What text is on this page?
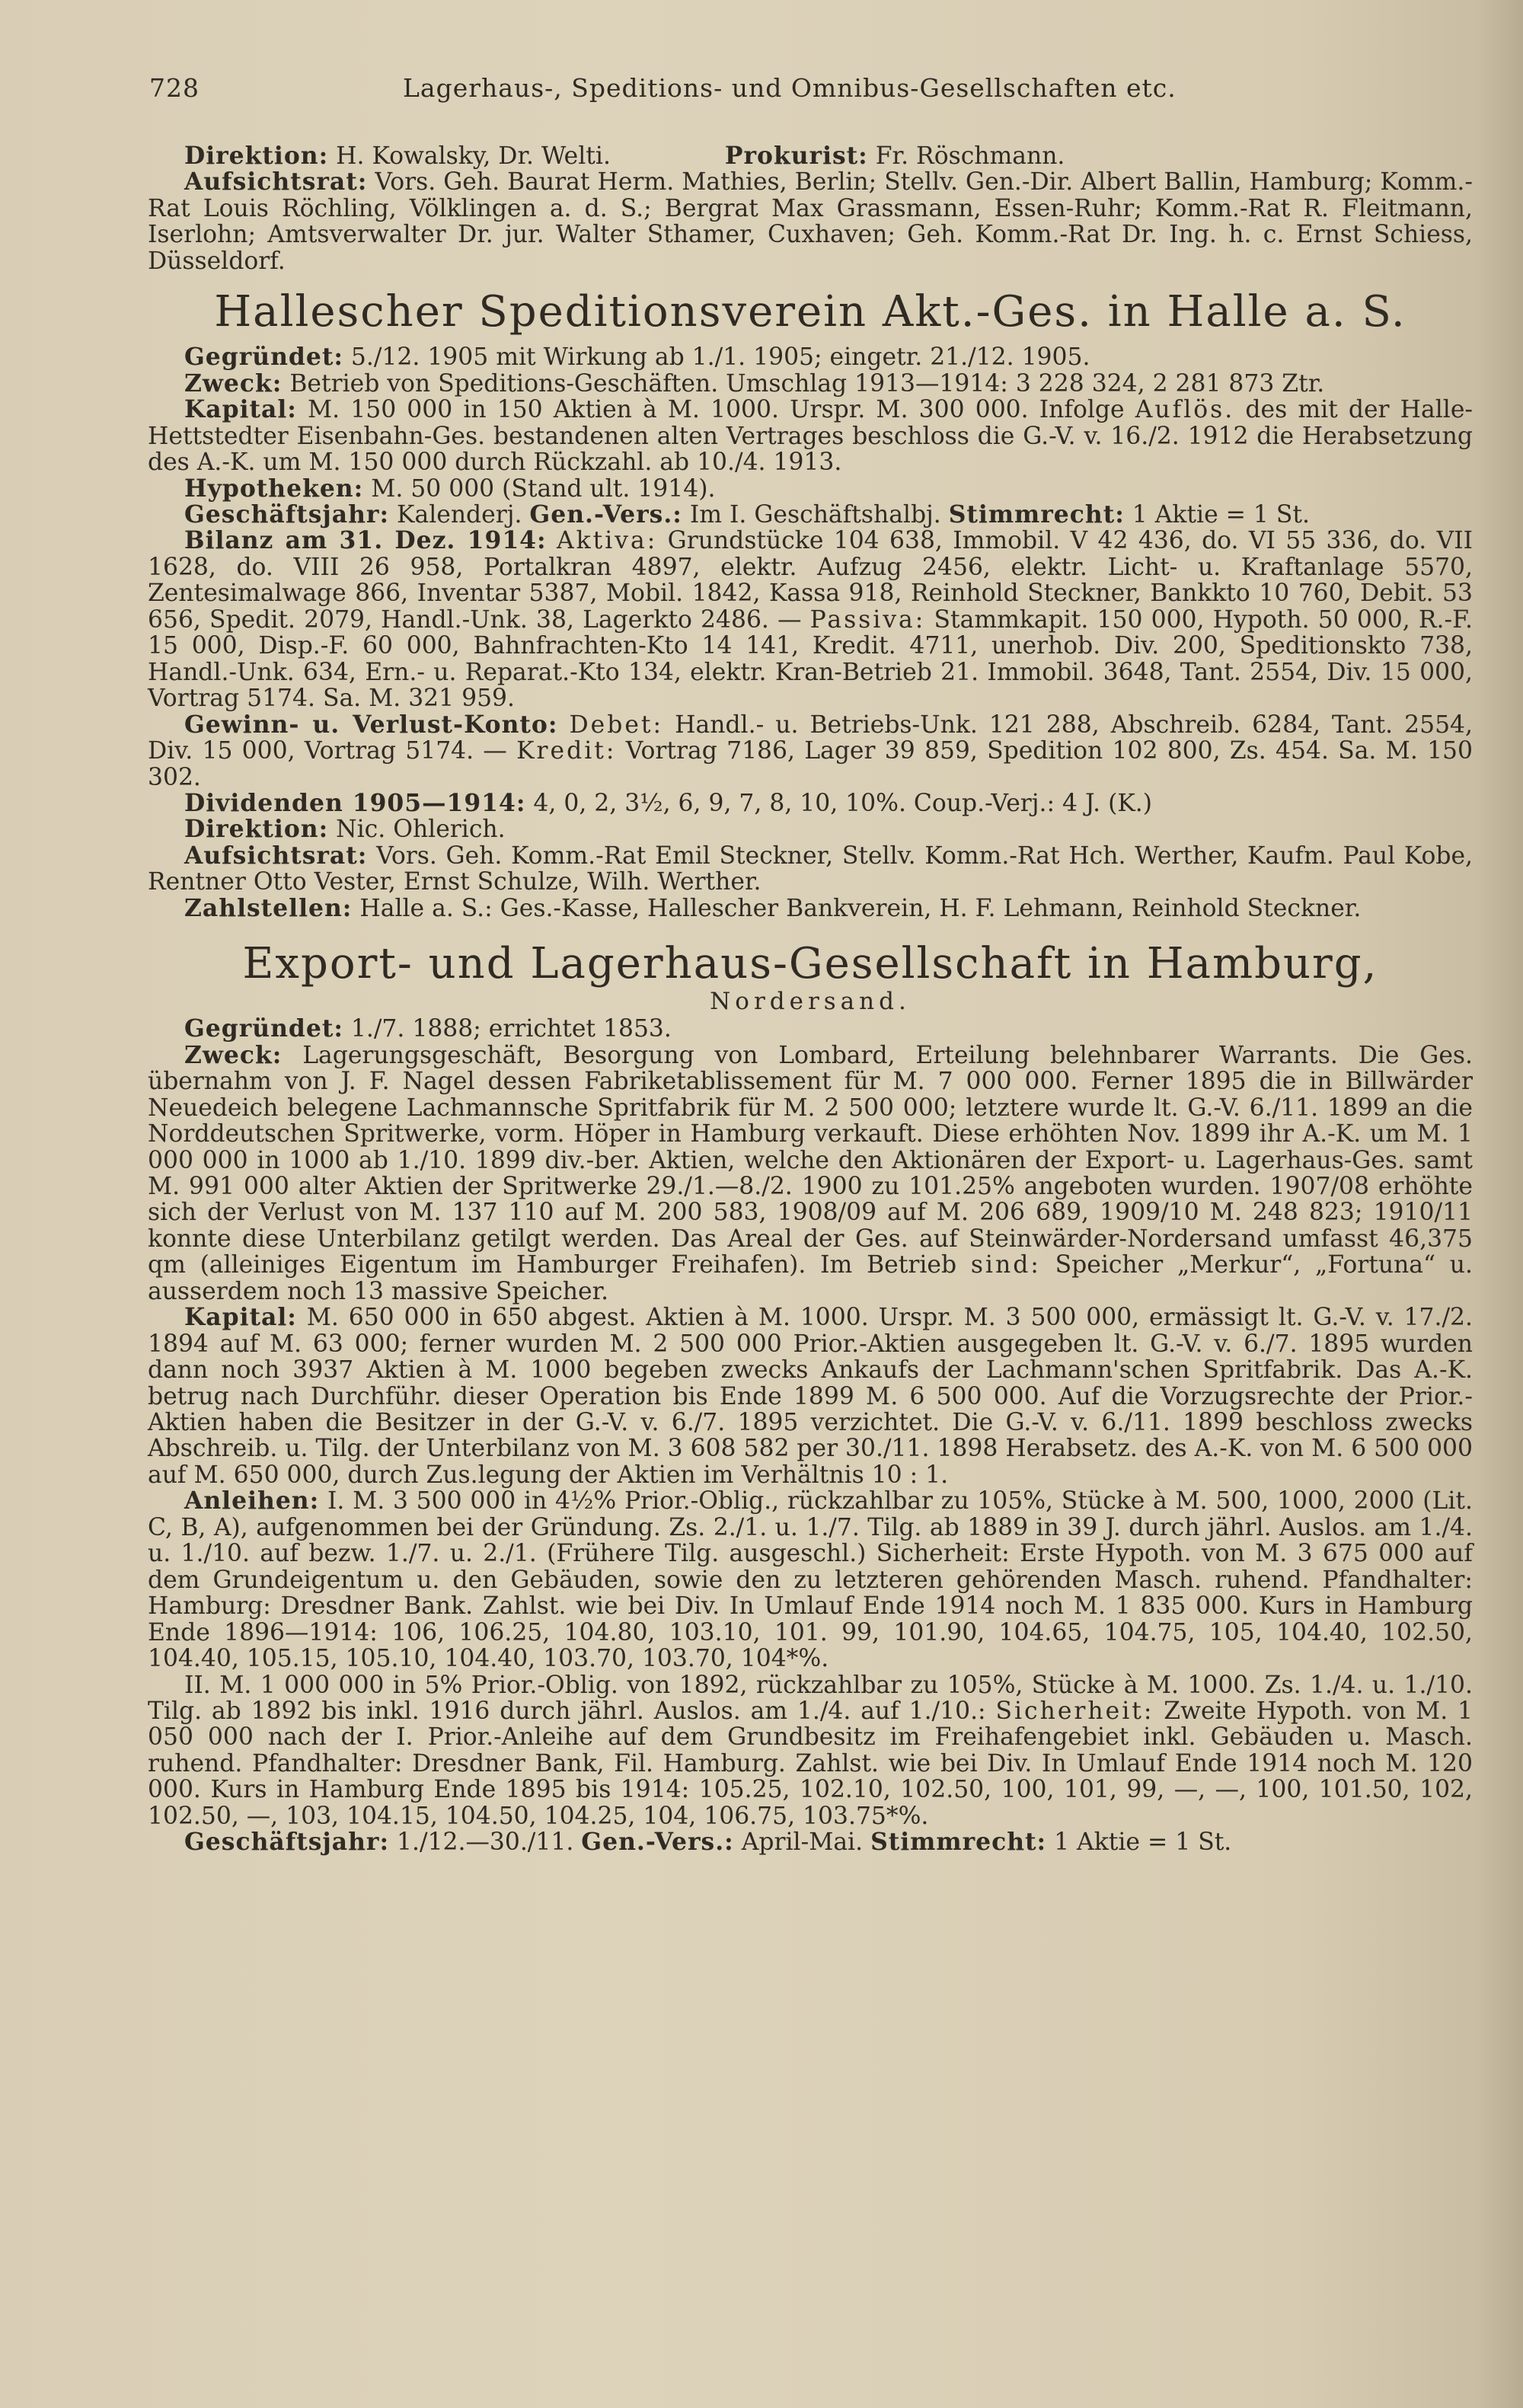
728	Lagerhaus-, Speditions- und Omnibus-Gesellschaften etc.

Direktion: H. Kowalsky, Dr. Welti.	Prokurist: Fr. Röschmann.

Aufsichtsrat: Vors. Geh. Baurat Herm. Mathies, Berlin; Stellv. Gen.-Dir. Albert Ballin, Hamburg; Komm.-Rat Louis Röchling, Völklingen a. d. S.; Bergrat Max Grassmann, Essen-Ruhr; Komm.-Rat R. Fleitmann, Iserlohn; Amtsverwalter Dr. jur. Walter Sthamer, Cuxhaven; Geh. Komm.-Rat Dr. Ing. h. c. Ernst Schiess, Düsseldorf.

Hallescher Speditionsverein Akt.-Ges. in Halle a. S.

Gegründet: 5./12. 1905 mit Wirkung ab 1./1. 1905; eingetr. 21./12. 1905.

Zweck: Betrieb von Speditions-Geschäften. Umschlag 1913—1914: 3 228 324, 2 281 873 Ztr.

Kapital: M. 150 000 in 150 Aktien à M. 1000. Urspr. M. 300 000. Infolge Auflös. des mit der Halle-Hettstedter Eisenbahn-Ges. bestandenen alten Vertrages beschloss die G.-V. v. 16./2. 1912 die Herabsetzung des A.-K. um M. 150 000 durch Rückzahl. ab 10./4. 1913.

Hypotheken: M. 50 000 (Stand ult. 1914).

Geschäftsjahr: Kalenderj. Gen.-Vers.: Im I. Geschäftshalbj. Stimmrecht: 1 Aktie = 1 St.

Bilanz am 31. Dez. 1914: Aktiva: Grundstücke 104 638, Immobil. V 42 436, do. VI 55 336, do. VII 1628, do. VIII 26 958, Portalkran 4897, elektr. Aufzug 2456, elektr. Licht- u. Kraftanlage 5570, Zentesimalwage 866, Inventar 5387, Mobil. 1842, Kassa 918, Reinhold Steckner, Bankkto 10 760, Debit. 53 656, Spedit. 2079, Handl.-Unk. 38, Lagerkto 2486. — Passiva: Stammkapit. 150 000, Hypoth. 50 000, R.-F. 15 000, Disp.-F. 60 000, Bahnfrachten-Kto 14 141, Kredit. 4711, unerhob. Div. 200, Speditionskto 738, Handl.-Unk. 634, Ern.- u. Reparat.-Kto 134, elektr. Kran-Betrieb 21. Immobil. 3648, Tant. 2554, Div. 15 000, Vortrag 5174. Sa. M. 321 959.

Gewinn- u. Verlust-Konto: Debet: Handl.- u. Betriebs-Unk. 121 288, Abschreib. 6284, Tant. 2554, Div. 15 000, Vortrag 5174. — Kredit: Vortrag 7186, Lager 39 859, Spedition 102 800, Zs. 454. Sa. M. 150 302.

Dividenden 1905—1914: 4, 0, 2, 3½, 6, 9, 7, 8, 10, 10%. Coup.-Verj.: 4 J. (K.)

Direktion: Nic. Ohlerich.

Aufsichtsrat: Vors. Geh. Komm.-Rat Emil Steckner, Stellv. Komm.-Rat Hch. Werther, Kaufm. Paul Kobe, Rentner Otto Vester, Ernst Schulze, Wilh. Werther.

Zahlstellen: Halle a. S.: Ges.-Kasse, Hallescher Bankverein, H. F. Lehmann, Reinhold Steckner.

Export- und Lagerhaus-Gesellschaft in Hamburg,
Nordersand.

Gegründet: 1./7. 1888; errichtet 1853.

Zweck: Lagerungsgeschäft, Besorgung von Lombard, Erteilung belehnbarer Warrants. Die Ges. übernahm von J. F. Nagel dessen Fabriketablissement für M. 7 000 000. Ferner 1895 die in Billwärder Neuedeich belegene Lachmannsche Spritfabrik für M. 2 500 000; letztere wurde lt. G.-V. 6./11. 1899 an die Norddeutschen Spritwerke, vorm. Höper in Hamburg verkauft. Diese erhöhten Nov. 1899 ihr A.-K. um M. 1 000 000 in 1000 ab 1./10. 1899 div.-ber. Aktien, welche den Aktionären der Export- u. Lagerhaus-Ges. samt M. 991 000 alter Aktien der Spritwerke 29./1.—8./2. 1900 zu 101.25% angeboten wurden. 1907/08 erhöhte sich der Verlust von M. 137 110 auf M. 200 583, 1908/09 auf M. 206 689, 1909/10 M. 248 823; 1910/11 konnte diese Unterbilanz getilgt werden. Das Areal der Ges. auf Steinwärder-Nordersand umfasst 46,375 qm (alleiniges Eigentum im Hamburger Freihafen). Im Betrieb sind: Speicher „Merkur“, „Fortuna“ u. ausserdem noch 13 massive Speicher.

Kapital: M. 650 000 in 650 abgest. Aktien à M. 1000. Urspr. M. 3 500 000, ermässigt lt. G.-V. v. 17./2. 1894 auf M. 63 000; ferner wurden M. 2 500 000 Prior.-Aktien ausgegeben lt. G.-V. v. 6./7. 1895 wurden dann noch 3937 Aktien à M. 1000 begeben zwecks Ankaufs der Lachmann'schen Spritfabrik. Das A.-K. betrug nach Durchführ. dieser Operation bis Ende 1899 M. 6 500 000. Auf die Vorzugsrechte der Prior.-Aktien haben die Besitzer in der G.-V. v. 6./7. 1895 verzichtet. Die G.-V. v. 6./11. 1899 beschloss zwecks Abschreib. u. Tilg. der Unterbilanz von M. 3 608 582 per 30./11. 1898 Herabsetz. des A.-K. von M. 6 500 000 auf M. 650 000, durch Zus.legung der Aktien im Verhältnis 10 : 1.

Anleihen: I. M. 3 500 000 in 4½% Prior.-Oblig., rückzahlbar zu 105%, Stücke à M. 500, 1000, 2000 (Lit. C, B, A), aufgenommen bei der Gründung. Zs. 2./1. u. 1./7. Tilg. ab 1889 in 39 J. durch jährl. Auslos. am 1./4. u. 1./10. auf bezw. 1./7. u. 2./1. (Frühere Tilg. ausgeschl.) Sicherheit: Erste Hypoth. von M. 3 675 000 auf dem Grundeigentum u. den Gebäuden, sowie den zu letzteren gehörenden Masch. ruhend. Pfandhalter: Hamburg: Dresdner Bank. Zahlst. wie bei Div. In Umlauf Ende 1914 noch M. 1 835 000. Kurs in Hamburg Ende 1896—1914: 106, 106.25, 104.80, 103.10, 101. 99, 101.90, 104.65, 104.75, 105, 104.40, 102.50, 104.40, 105.15, 105.10, 104.40, 103.70, 103.70, 104*%.

II. M. 1 000 000 in 5% Prior.-Oblig. von 1892, rückzahlbar zu 105%, Stücke à M. 1000. Zs. 1./4. u. 1./10. Tilg. ab 1892 bis inkl. 1916 durch jährl. Auslos. am 1./4. auf 1./10.: Sicherheit: Zweite Hypoth. von M. 1 050 000 nach der I. Prior.-Anleihe auf dem Grundbesitz im Freihafengebiet inkl. Gebäuden u. Masch. ruhend. Pfandhalter: Dresdner Bank, Fil. Hamburg. Zahlst. wie bei Div. In Umlauf Ende 1914 noch M. 120 000. Kurs in Hamburg Ende 1895 bis 1914: 105.25, 102.10, 102.50, 100, 101, 99, —, —, 100, 101.50, 102, 102.50, —, 103, 104.15, 104.50, 104.25, 104, 106.75, 103.75*%.

Geschäftsjahr: 1./12.—30./11. Gen.-Vers.: April-Mai. Stimmrecht: 1 Aktie = 1 St.
